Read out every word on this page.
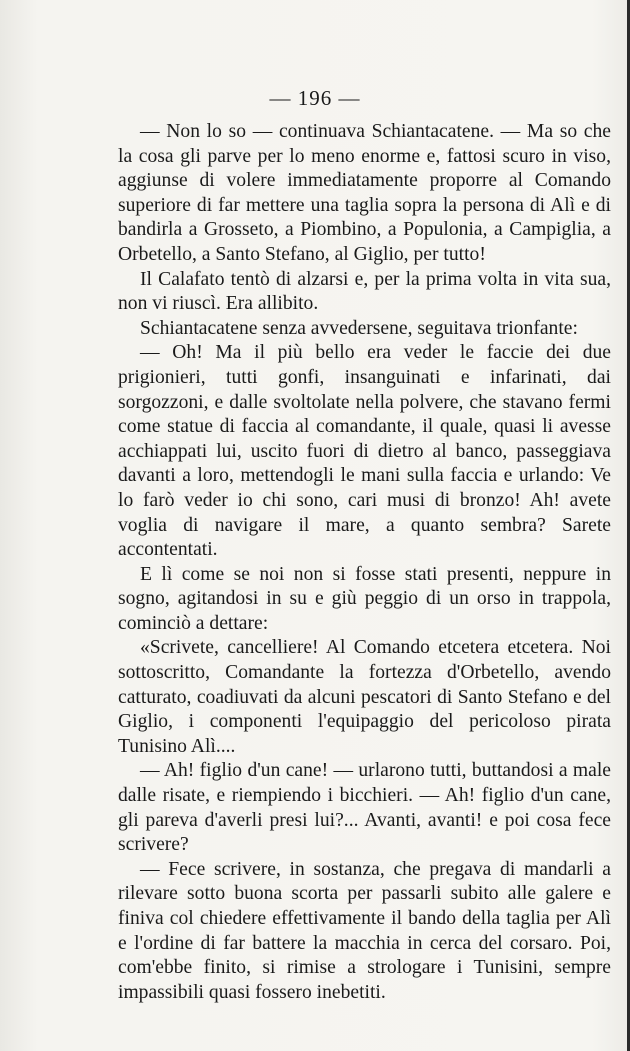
— 196 —

— Non lo so — continuava Schiantacatene. — Ma so che la cosa gli parve per lo meno enorme e, fattosi scuro in viso, aggiunse di volere immediatamente proporre al Comando superiore di far mettere una taglia sopra la persona di Alì e di bandirla a Grosseto, a Piombino, a Populonia, a Campiglia, a Orbetello, a Santo Stefano, al Giglio, per tutto!

Il Calafato tentò di alzarsi e, per la prima volta in vita sua, non vi riuscì. Era allibito.

Schiantacatene senza avvedersene, seguitava trionfante:

— Oh! Ma il più bello era veder le faccie dei due prigionieri, tutti gonfi, insanguinati e infarinati, dai sorgozzoni, e dalle svoltolate nella polvere, che stavano fermi come statue di faccia al comandante, il quale, quasi li avesse acchiappati lui, uscito fuori di dietro al banco, passeggiava davanti a loro, mettendogli le mani sulla faccia e urlando: Ve lo farò veder io chi sono, cari musi di bronzo! Ah! avete voglia di navigare il mare, a quanto sembra? Sarete accontentati.

E lì come se noi non si fosse stati presenti, neppure in sogno, agitandosi in su e giù peggio di un orso in trappola, cominciò a dettare:

«Scrivete, cancelliere! Al Comando etcetera etcetera. Noi sottoscritto, Comandante la fortezza d'Orbetello, avendo catturato, coadiuvati da alcuni pescatori di Santo Stefano e del Giglio, i componenti l'equipaggio del pericoloso pirata Tunisino Alì....

— Ah! figlio d'un cane! — urlarono tutti, buttandosi a male dalle risate, e riempiendo i bicchieri. — Ah! figlio d'un cane, gli pareva d'averli presi lui?... Avanti, avanti! e poi cosa fece scrivere?

— Fece scrivere, in sostanza, che pregava di mandarli a rilevare sotto buona scorta per passarli subito alle galere e finiva col chiedere effettivamente il bando della taglia per Alì e l'ordine di far battere la macchia in cerca del corsaro. Poi, com'ebbe finito, si rimise a strologare i Tunisini, sempre impassibili quasi fossero inebetiti.
